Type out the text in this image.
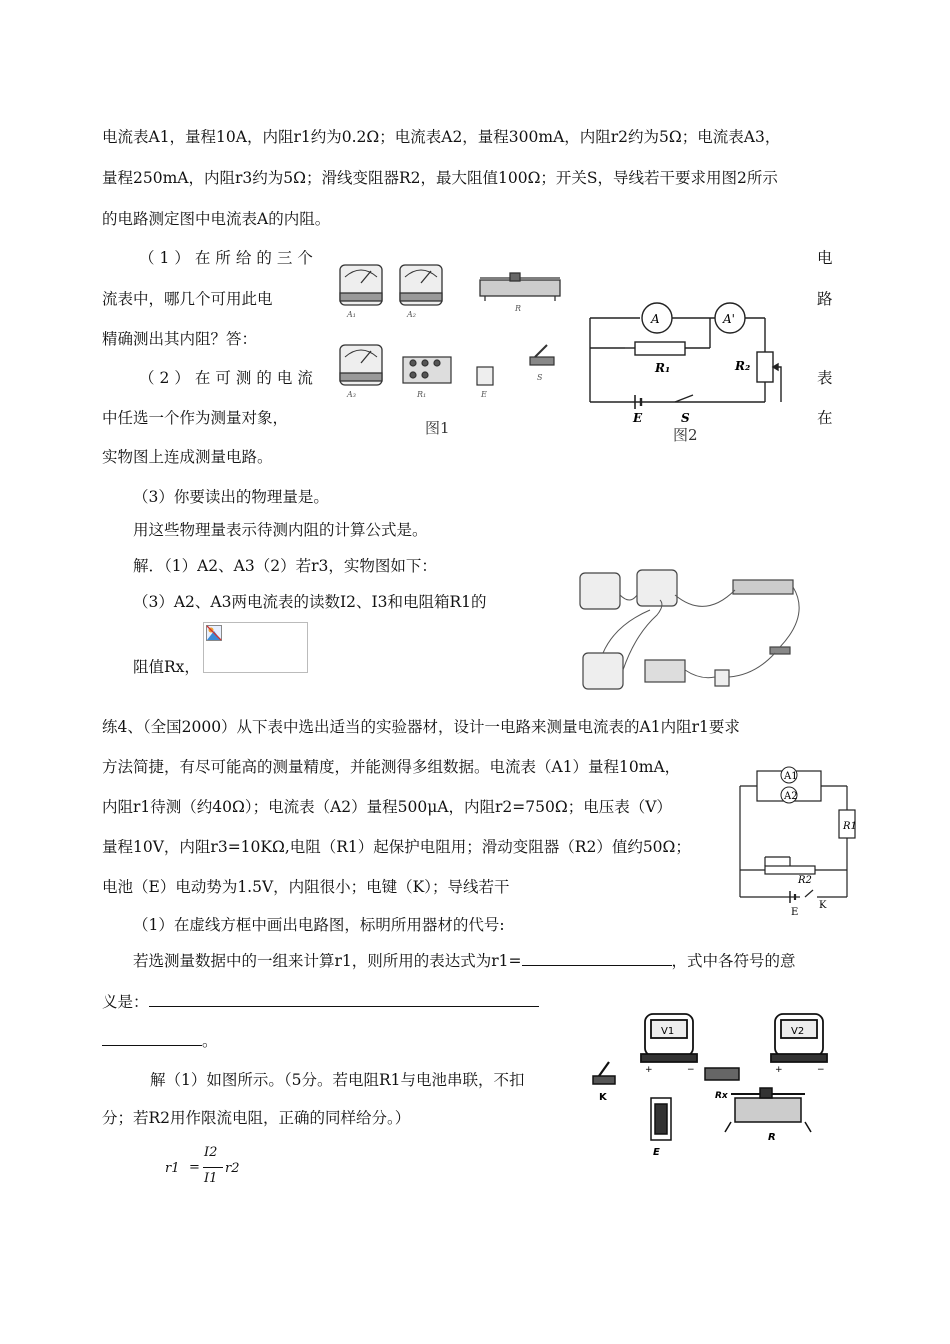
电流表A1，量程10A，内阻r1约为0.2Ω；电流表A2，量程300mA，内阻r2约为5Ω；电流表A3，
量程250mA，内阻r3约为5Ω；滑线变阻器R2，最大阻值100Ω；开关S，导线若干要求用图2所示
的电路测定图中电流表A的内阻。
（1）在所给的三个	电
流表中，哪几个可用此电	路
精确测出其内阻？答：
（2）在可测的电流	表
中任选一个作为测量对象，	在
实物图上连成测量电路。
（3）你要读出的物理量是。
用这些物理量表示待测内阻的计算公式是。
解．（1）A2、A3（2）若r3，实物图如下：
（3）A2、A3两电流表的读数I2、I3和电阻箱R1的
阻值Rx，
A₁	A₂
R
A₃	R₁	E
S
图1
A	A'
R₁	R₂
E	S
图2
练4、（全国2000）从下表中选出适当的实验器材，设计一电路来测量电流表的A1内阻r1要求
方法简捷，有尽可能高的测量精度，并能测得多组数据。电流表（A1）量程10mA，
内阻r1待测（约40Ω）；电流表（A2）量程500μA，内阻r2=750Ω；电压表（V）
量程10V，内阻r3=10KΩ,电阻（R1）起保护电阻用；滑动变阻器（R2）值约50Ω；
电池（E）电动势为1.5V，内阻很小；电键（K）；导线若干
（1）在虚线方框中画出电路图，标明所用器材的代号:
若选测量数据中的一组来计算r1，则所用的表达式为r1=	，式中各符号的意
义是：
。
解（1）如图所示。（5分。若电阻R1与电池串联，不扣
分；若R2用作限流电阻，正确的同样给分。）
r1 =
I2
I1
r2
A1
A2
R1
R2
E
K
V1	V2
Rx
K
E
R
+	−	+	−
